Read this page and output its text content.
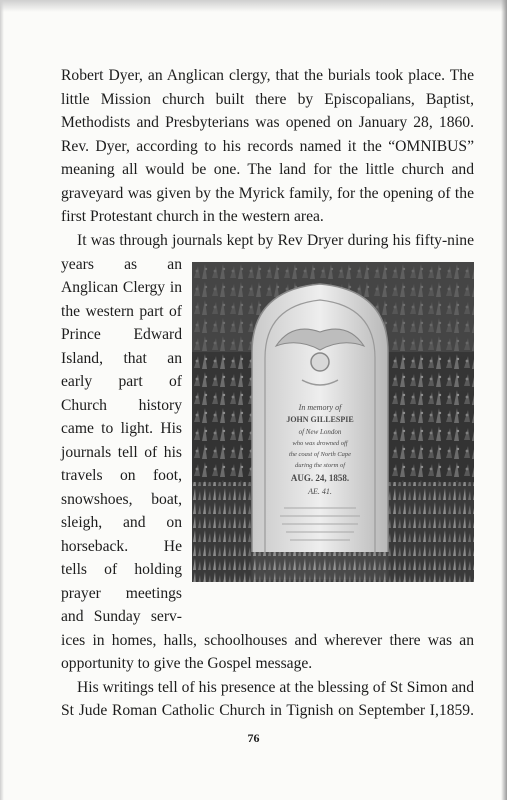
Robert Dyer, an Anglican clergy, that the burials took place. The
little Mission church built there by Episcopalians, Baptist,
Methodists and Presbyterians was opened on January 28, 1860.
Rev. Dyer, according to his records named it the “OMNIBUS”
meaning all would be one. The land for the little church and
graveyard was given by the Myrick family, for the opening of the
first Protestant church in the western area.
It was through journals kept by Rev Dryer during his fifty-nine
years as an
Anglican Clergy in
the western part of
Prince Edward
Island, that an
early part of
Church history
came to light. His
journals tell of his
travels on foot,
snowshoes, boat,
sleigh, and on
horseback. He
tells of holding
prayer meetings
and Sunday serv-
ices in homes, halls, schoolhouses and wherever there was an
opportunity to give the Gospel message.
His writings tell of his presence at the blessing of St Simon and
St Jude Roman Catholic Church in Tignish on September I,1859.
In memory of
JOHN GILLESPIE
of New London
who was drowned off
the coast of North Cape
during the storm of
AUG. 24, 1858.
AE. 41.
76
